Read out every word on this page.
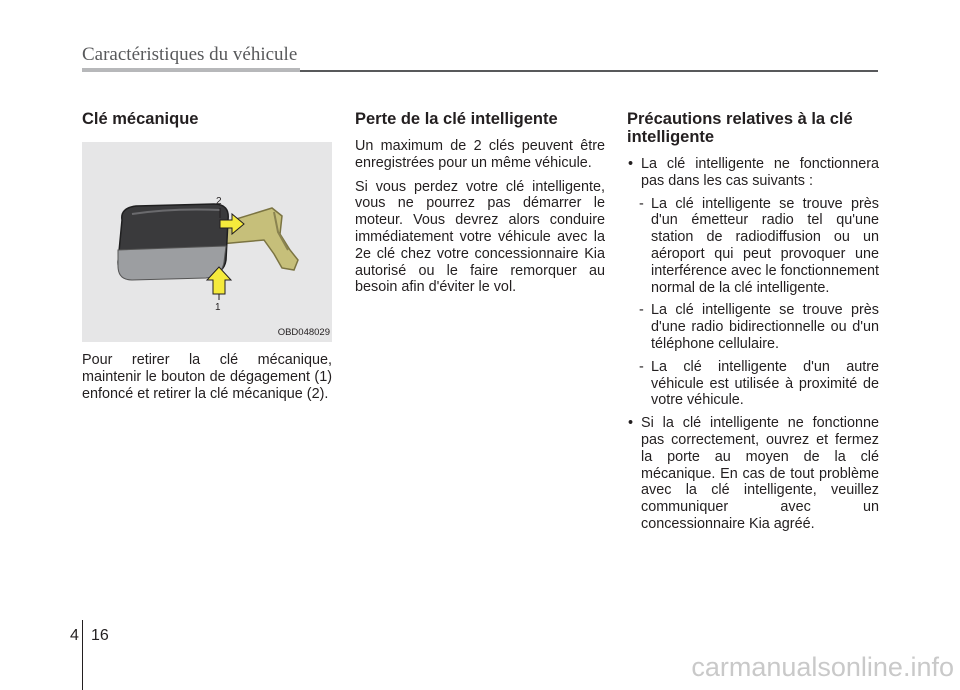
Caractéristiques du véhicule
Clé mécanique
2
1
OBD048029

Pour retirer la clé mécanique, maintenir le bouton de dégagement (1) enfoncé et retirer la clé mécanique (2).

Perte de la clé intelligente

Un maximum de 2 clés peuvent être enregistrées pour un même véhicule.

Si vous perdez votre clé intelligente, vous ne pourrez pas démarrer le moteur. Vous devrez alors conduire immédiatement votre véhicule avec la 2e clé chez votre concessionnaire Kia autorisé ou le faire remorquer au besoin afin d'éviter le vol.

Précautions relatives à la clé intelligente
• La clé intelligente ne fonctionnera pas dans les cas suivants :
- La clé intelligente se trouve près d'un émetteur radio tel qu'une station de radiodiffusion ou un aéroport qui peut provoquer une interférence avec le fonctionnement normal de la clé intelligente.
- La clé intelligente se trouve près d'une radio bidirectionnelle ou d'un téléphone cellulaire.
- La clé intelligente d'un autre véhicule est utilisée à proximité de votre véhicule.
• Si la clé intelligente ne fonctionne pas correctement, ouvrez et fermez la porte au moyen de la clé mécanique. En cas de tout problème avec la clé intelligente, veuillez communiquer avec un concessionnaire Kia agréé.
4 16
carmanualsonline.info
